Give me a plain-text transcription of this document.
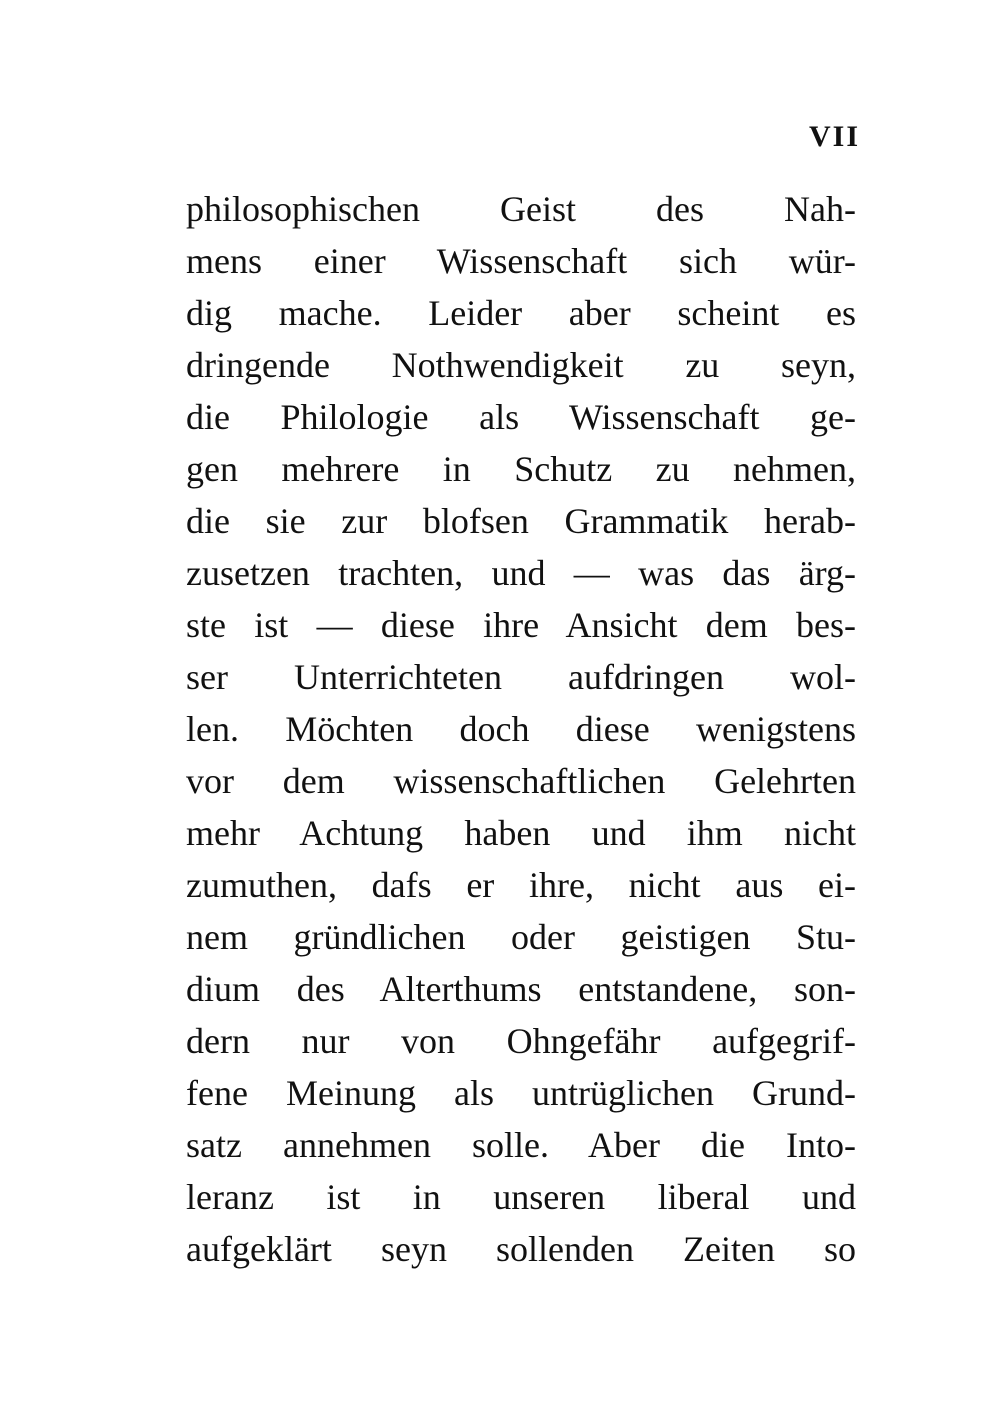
VII
philosophischen Geist des Nah-
mens einer Wissenschaft sich wür-
dig mache. Leider aber scheint es
dringende Nothwendigkeit zu seyn,
die Philologie als Wissenschaft ge-
gen mehrere in Schutz zu nehmen,
die sie zur blofsen Grammatik herab-
zusetzen trachten, und — was das ärg-
ste ist — diese ihre Ansicht dem bes-
ser Unterrichteten aufdringen wol-
len. Möchten doch diese wenigstens
vor dem wissenschaftlichen Gelehrten
mehr Achtung haben und ihm nicht
zumuthen, dafs er ihre, nicht aus ei-
nem gründlichen oder geistigen Stu-
dium des Alterthums entstandene, son-
dern nur von Ohngefähr aufgegrif-
fene Meinung als untrüglichen Grund-
satz annehmen solle. Aber die Into-
leranz ist in unseren liberal und
aufgeklärt seyn sollenden Zeiten so
